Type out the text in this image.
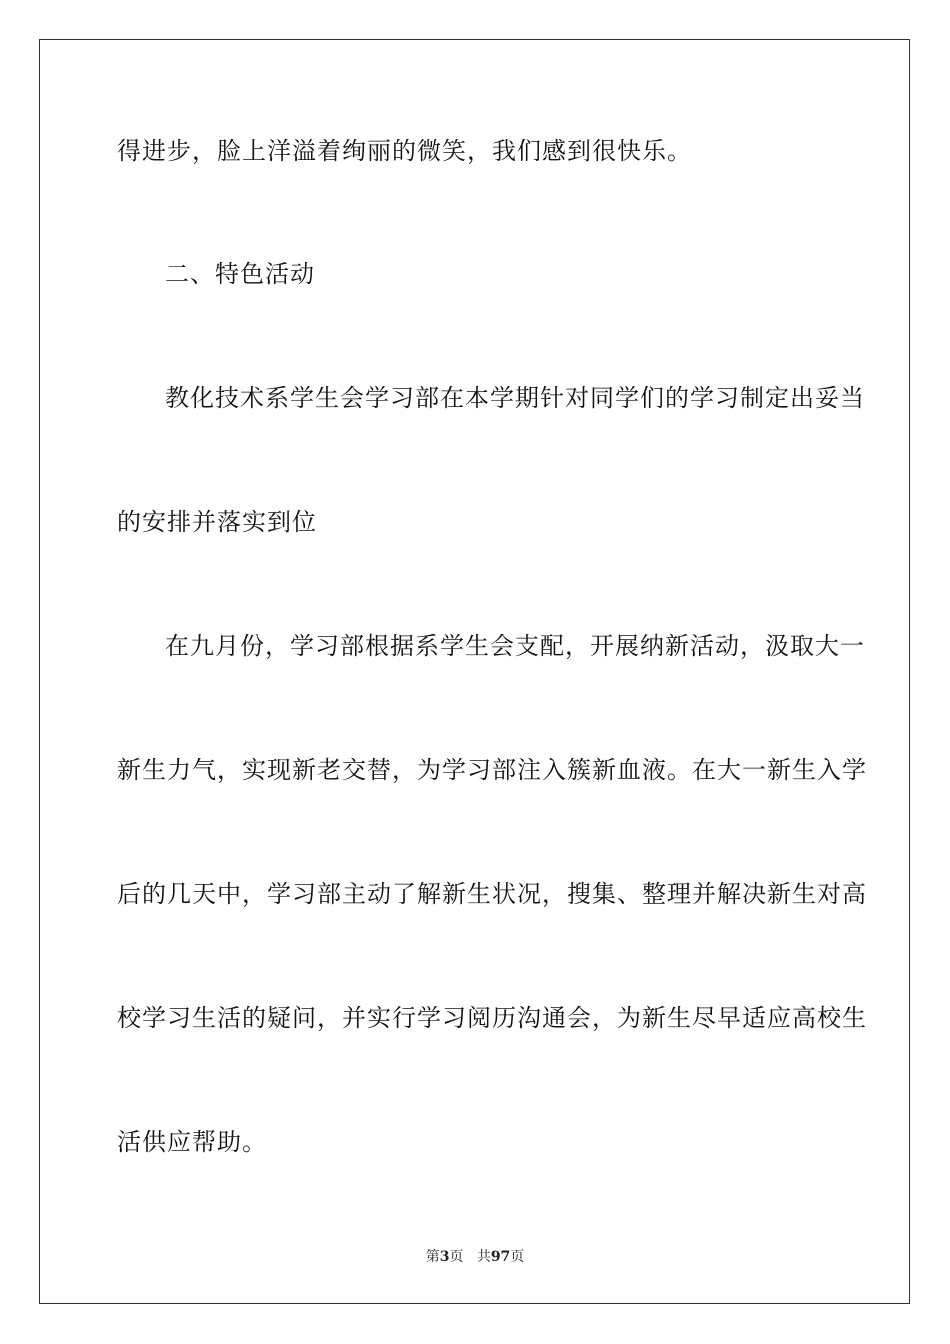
得进步，脸上洋溢着绚丽的微笑，我们感到很快乐。
二、特色活动
教 化 技 术 系 学 生 会 学 习 部 在 本 学 期 针 对 同 学 们 的 学 习 制 定 出 妥 当
的安排并落实到位
在 九 月 份 ， 学 习 部 根 据 系 学 生 会 支 配 ， 开 展 纳 新 活 动 ， 汲 取 大 一
新 生 力 气 ， 实 现 新 老 交 替 ， 为 学 习 部 注 入 簇 新 血 液 。 在 大 一 新 生 入 学
后 的 几 天 中 ， 学 习 部 主 动 了 解 新 生 状 况 ， 搜 集 、 整 理 并 解 决 新 生 对 高
校 学 习 生 活 的 疑 问 ， 并 实 行 学 习 阅 历 沟 通 会 ， 为 新 生 尽 早 适 应 高 校 生
活供应帮助。
第3页 共97页
